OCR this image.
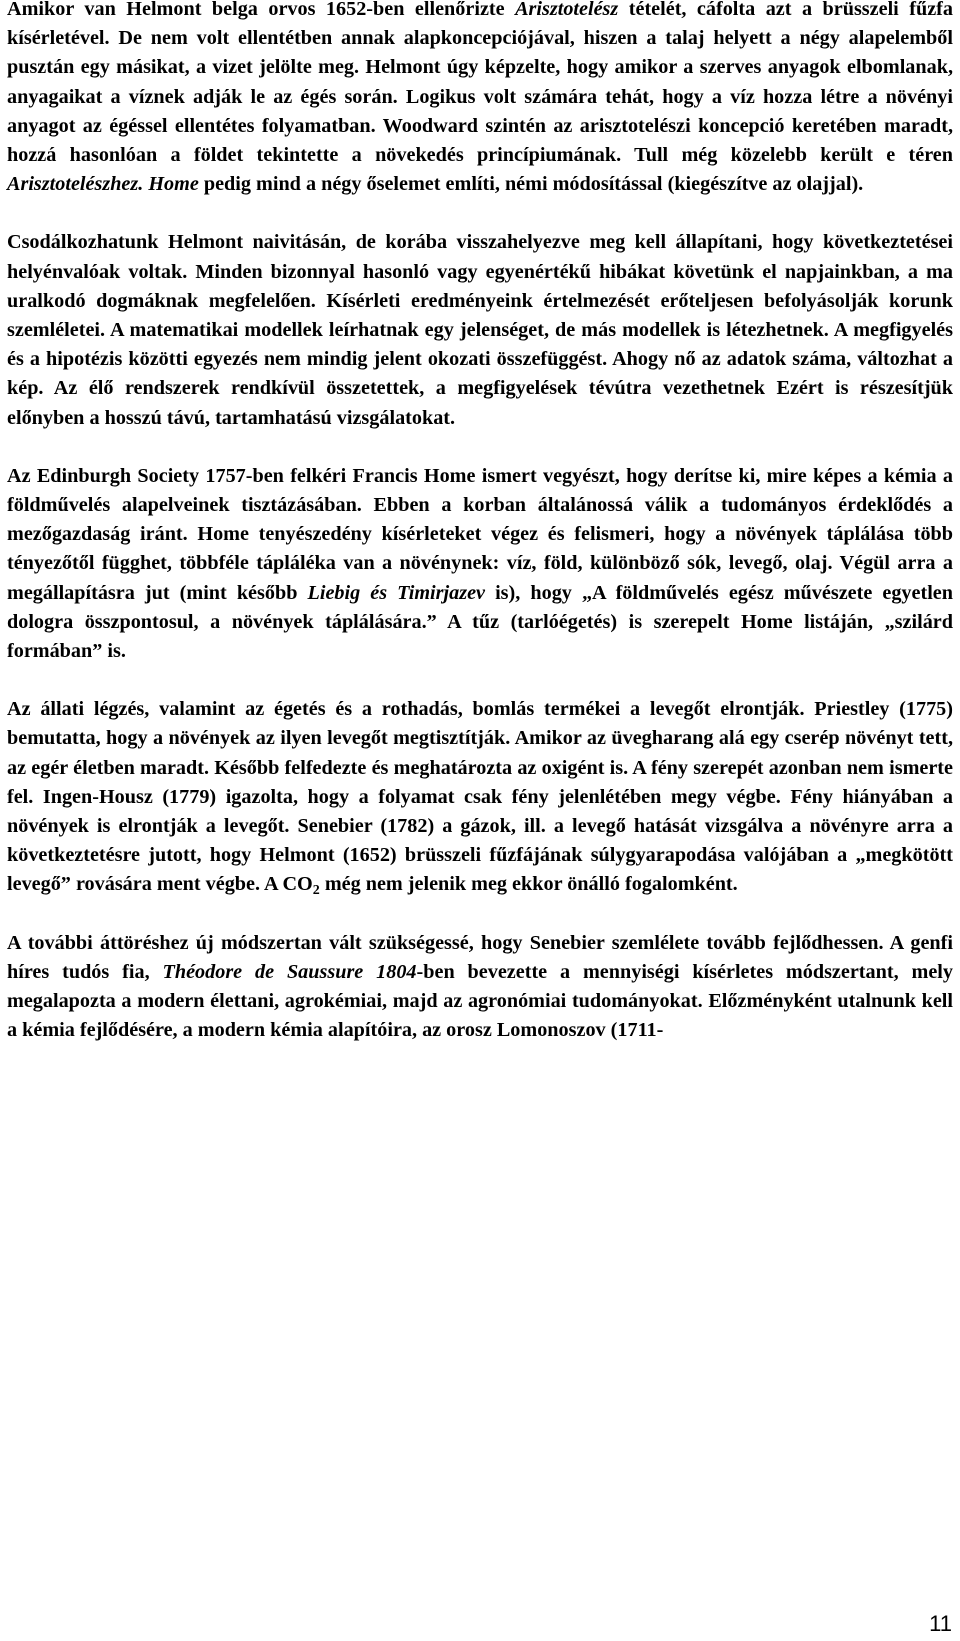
Amikor van Helmont belga orvos 1652-ben ellenőrizte Arisztotelész tételét, cáfolta azt a brüsszeli fűzfa kísérletével. De nem volt ellentétben annak alapkoncepciójával, hiszen a talaj helyett a négy alapelemből pusztán egy másikat, a vizet jelölte meg. Helmont úgy képzelte, hogy amikor a szerves anyagok elbomlanak, anyagaikat a víznek adják le az égés során. Logikus volt számára tehát, hogy a víz hozza létre a növényi anyagot az égéssel ellentétes folyamatban. Woodward szintén az arisztotelészi koncepció keretében maradt, hozzá hasonlóan a földet tekintette a növekedés princípiumának. Tull még közelebb került e téren Arisztotelészhez. Home pedig mind a négy őselemet említi, némi módosítással (kiegészítve az olajjal).

Csodálkozhatunk Helmont naivitásán, de korába visszahelyezve meg kell állapítani, hogy következtetései helyénvalóak voltak. Minden bizonnyal hasonló vagy egyenértékű hibákat követünk el napjainkban, a ma uralkodó dogmáknak megfelelően. Kísérleti eredményeink értelmezését erőteljesen befolyásolják korunk szemléletei. A matematikai modellek leírhatnak egy jelenséget, de más modellek is létezhetnek. A megfigyelés és a hipotézis közötti egyezés nem mindig jelent okozati összefüggést. Ahogy nő az adatok száma, változhat a kép. Az élő rendszerek rendkívül összetettek, a megfigyelések tévútra vezethetnek Ezért is részesítjük előnyben a hosszú távú, tartamhatású vizsgálatokat.

Az Edinburgh Society 1757-ben felkéri Francis Home ismert vegyészt, hogy derítse ki, mire képes a kémia a földművelés alapelveinek tisztázásában. Ebben a korban általánossá válik a tudományos érdeklődés a mezőgazdaság iránt. Home tenyészedény kísérleteket végez és felismeri, hogy a növények táplálása több tényezőtől függhet, többféle tápláléka van a növénynek: víz, föld, különböző sók, levegő, olaj. Végül arra a megállapításra jut (mint később Liebig és Timirjazev is), hogy „A földművelés egész művészete egyetlen dologra összpontosul, a növények táplálására.” A tűz (tarlóégetés) is szerepelt Home listáján, „szilárd formában” is.

Az állati légzés, valamint az égetés és a rothadás, bomlás termékei a levegőt elrontják. Priestley (1775) bemutatta, hogy a növények az ilyen levegőt megtisztítják. Amikor az üvegharang alá egy cserép növényt tett, az egér életben maradt. Később felfedezte és meghatározta az oxigént is. A fény szerepét azonban nem ismerte fel. Ingen-Housz (1779) igazolta, hogy a folyamat csak fény jelenlétében megy végbe. Fény hiányában a növények is elrontják a levegőt. Senebier (1782) a gázok, ill. a levegő hatását vizsgálva a növényre arra a következtetésre jutott, hogy Helmont (1652) brüsszeli fűzfájának súlygyarapodása valójában a „megkötött levegő” rovására ment végbe. A $CO_2$ még nem jelenik meg ekkor önálló fogalomként.

A további áttöréshez új módszertan vált szükségessé, hogy Senebier szemlélete tovább fejlődhessen. A genfi híres tudós fia, Théodore de Saussure 1804-ben bevezette a mennyiségi kísérletes módszertant, mely megalapozta a modern élettani, agrokémiai, majd az agronómiai tudományokat. Előzményként utalnunk kell a kémia fejlődésére, a modern kémia alapítóira, az orosz Lomonoszov (1711-

11
